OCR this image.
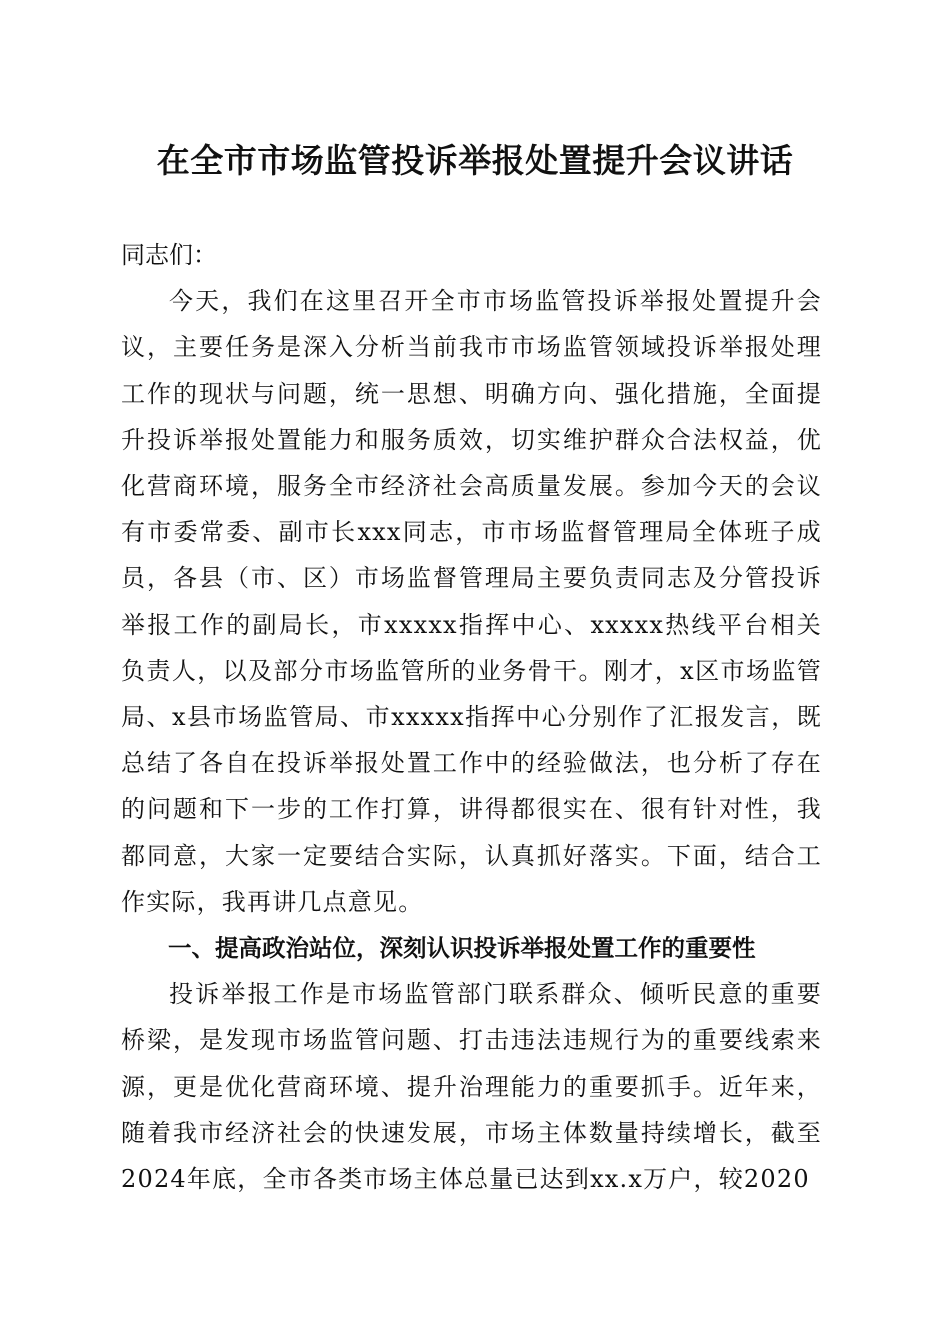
在全市市场监管投诉举报处置提升会议讲话

同志们：

今天，我们在这里召开全市市场监管投诉举报处置提升会议，主要任务是深入分析当前我市市场监管领域投诉举报处理工作的现状与问题，统一思想、明确方向、强化措施，全面提升投诉举报处置能力和服务质效，切实维护群众合法权益，优化营商环境，服务全市经济社会高质量发展。参加今天的会议有市委常委、副市长xxx同志，市市场监督管理局全体班子成员，各县（市、区）市场监督管理局主要负责同志及分管投诉举报工作的副局长，市xxxxx指挥中心、xxxxx热线平台相关负责人，以及部分市场监管所的业务骨干。刚才，x区市场监管局、x县市场监管局、市xxxxx指挥中心分别作了汇报发言，既总结了各自在投诉举报处置工作中的经验做法，也分析了存在的问题和下一步的工作打算，讲得都很实在、很有针对性，我都同意，大家一定要结合实际，认真抓好落实。下面，结合工作实际，我再讲几点意见。

一、提高政治站位，深刻认识投诉举报处置工作的重要性

投诉举报工作是市场监管部门联系群众、倾听民意的重要桥梁，是发现市场监管问题、打击违法违规行为的重要线索来源，更是优化营商环境、提升治理能力的重要抓手。近年来，随着我市经济社会的快速发展，市场主体数量持续增长，截至2024年底，全市各类市场主体总量已达到xx.x万户，较2020
